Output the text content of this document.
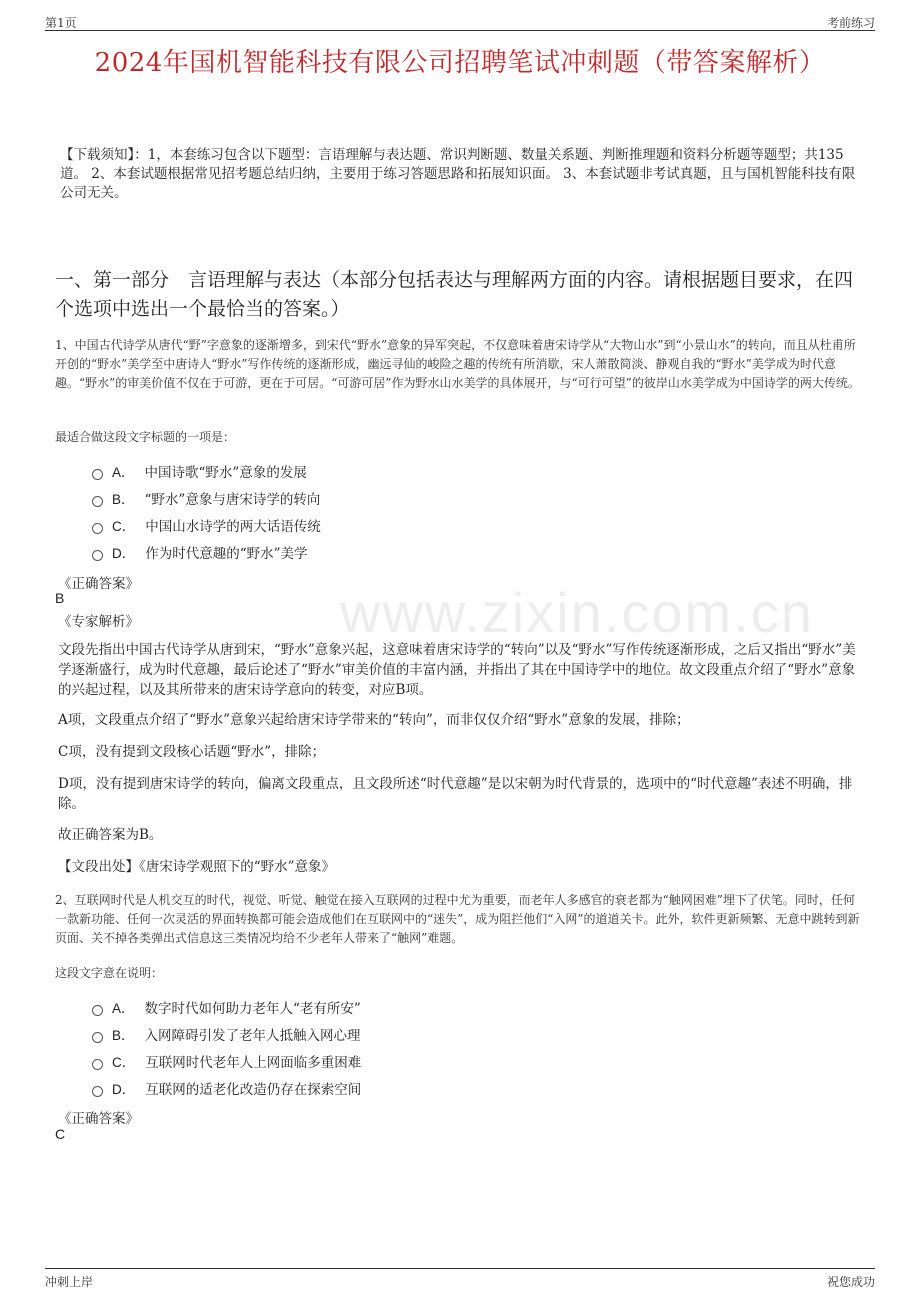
第1页	考前练习
2024年国机智能科技有限公司招聘笔试冲刺题（带答案解析）
【下载须知】：1，本套练习包含以下题型：言语理解与表达题、常识判断题、数量关系题、判断推理题和资料分析题等题型；共135道。 2、本套试题根据常见招考题总结归纳，主要用于练习答题思路和拓展知识面。 3、本套试题非考试真题，且与国机智能科技有限公司无关。
一、第一部分　言语理解与表达（本部分包括表达与理解两方面的内容。请根据题目要求，在四个选项中选出一个最恰当的答案。）
1、中国古代诗学从唐代“野”字意象的逐渐增多，到宋代“野水”意象的异军突起，不仅意味着唐宋诗学从“大物山水”到“小景山水”的转向，而且从杜甫所开创的“野水”美学至中唐诗人“野水”写作传统的逐渐形成，幽远寻仙的峻险之趣的传统有所消歇，宋人萧散简淡、静观自我的“野水”美学成为时代意趣。“野水”的审美价值不仅在于可游，更在于可居。“可游可居”作为野水山水美学的具体展开，与“可行可望”的彼岸山水美学成为中国诗学的两大传统。
最适合做这段文字标题的一项是：
A． 中国诗歌“野水”意象的发展
B． “野水”意象与唐宋诗学的转向
C． 中国山水诗学的两大话语传统
D． 作为时代意趣的“野水”美学
《正确答案》
B
《专家解析》	www.zixin.com.cn
文段先指出中国古代诗学从唐到宋，“野水”意象兴起，这意味着唐宋诗学的“转向”以及“野水”写作传统逐渐形成，之后又指出“野水”美学逐渐盛行，成为时代意趣，最后论述了“野水”审美价值的丰富内涵，并指出了其在中国诗学中的地位。故文段重点介绍了“野水”意象的兴起过程，以及其所带来的唐宋诗学意向的转变，对应B项。
A项，文段重点介绍了“野水”意象兴起给唐宋诗学带来的“转向”，而非仅仅介绍“野水”意象的发展，排除；
C项，没有提到文段核心话题“野水”，排除；
D项，没有提到唐宋诗学的转向，偏离文段重点，且文段所述“时代意趣”是以宋朝为时代背景的，选项中的“时代意趣”表述不明确，排除。
故正确答案为B。
【文段出处】《唐宋诗学观照下的“野水”意象》
2、互联网时代是人机交互的时代，视觉、听觉、触觉在接入互联网的过程中尤为重要，而老年人多感官的衰老都为“触网困难”埋下了伏笔。同时，任何一款新功能、任何一次灵活的界面转换都可能会造成他们在互联网中的“迷失”，成为阻拦他们“入网”的道道关卡。此外，软件更新频繁、无意中跳转到新页面、关不掉各类弹出式信息这三类情况均给不少老年人带来了“触网”难题。
这段文字意在说明：
A． 数字时代如何助力老年人“老有所安”
B． 入网障碍引发了老年人抵触入网心理
C． 互联网时代老年人上网面临多重困难
D． 互联网的适老化改造仍存在探索空间
《正确答案》
C
冲刺上岸	祝您成功
